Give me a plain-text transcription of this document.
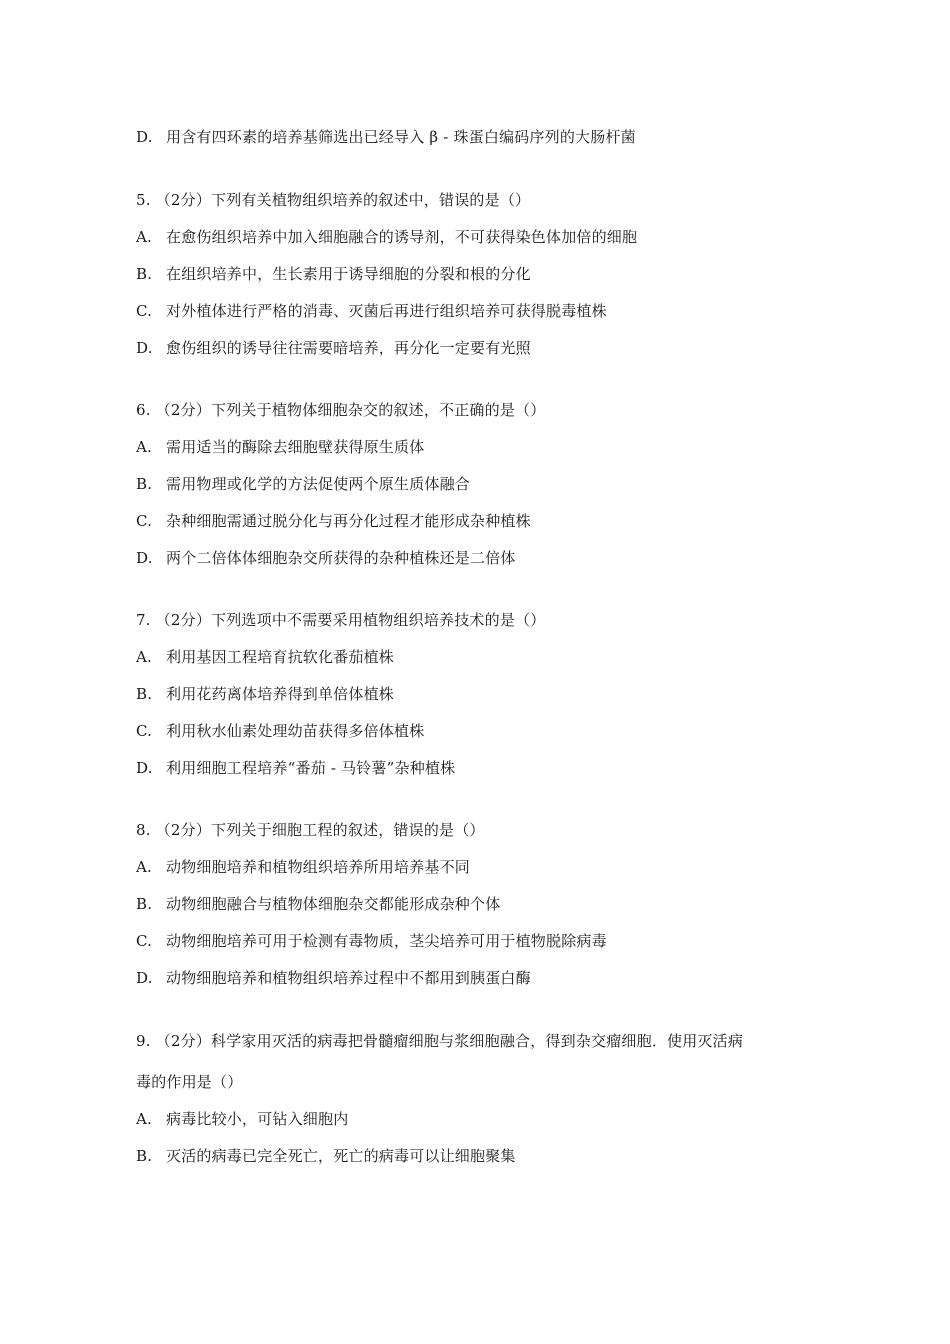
D. 用含有四环素的培养基筛选出已经导入 β - 珠蛋白编码序列的大肠杆菌
5. （2分）下列有关植物组织培养的叙述中，错误的是（）
A. 在愈伤组织培养中加入细胞融合的诱导剂，不可获得染色体加倍的细胞
B. 在组织培养中，生长素用于诱导细胞的分裂和根的分化
C. 对外植体进行严格的消毒、灭菌后再进行组织培养可获得脱毒植株
D. 愈伤组织的诱导往往需要暗培养，再分化一定要有光照
6. （2分）下列关于植物体细胞杂交的叙述，不正确的是（）
A. 需用适当的酶除去细胞壁获得原生质体
B. 需用物理或化学的方法促使两个原生质体融合
C. 杂种细胞需通过脱分化与再分化过程才能形成杂种植株
D. 两个二倍体体细胞杂交所获得的杂种植株还是二倍体
7. （2分）下列选项中不需要采用植物组织培养技术的是（）
A. 利用基因工程培育抗软化番茄植株
B. 利用花药离体培养得到单倍体植株
C. 利用秋水仙素处理幼苗获得多倍体植株
D. 利用细胞工程培养“番茄 - 马铃薯”杂种植株
8. （2分）下列关于细胞工程的叙述，错误的是（）
A. 动物细胞培养和植物组织培养所用培养基不同
B. 动物细胞融合与植物体细胞杂交都能形成杂种个体
C. 动物细胞培养可用于检测有毒物质，茎尖培养可用于植物脱除病毒
D. 动物细胞培养和植物组织培养过程中不都用到胰蛋白酶
9. （2分）科学家用灭活的病毒把骨髓瘤细胞与浆细胞融合，得到杂交瘤细胞．使用灭活病
毒的作用是（）
A. 病毒比较小，可钻入细胞内
B. 灭活的病毒已完全死亡，死亡的病毒可以让细胞聚集
